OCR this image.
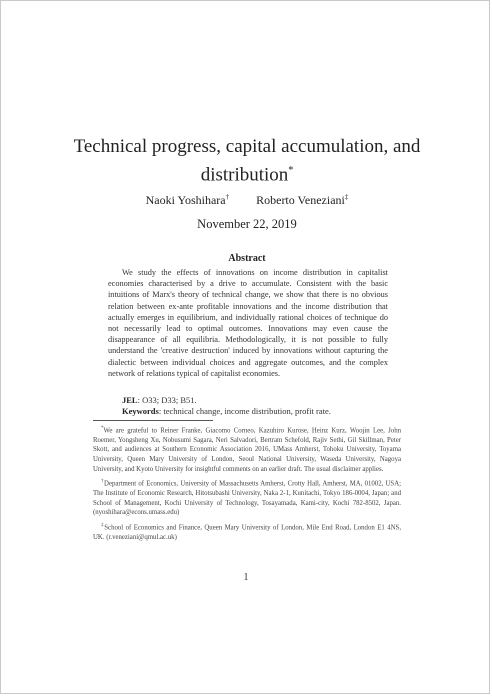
Technical progress, capital accumulation, and distribution*
Naoki Yoshihara† Roberto Veneziani‡
November 22, 2019
Abstract
We study the effects of innovations on income distribution in capitalist economies characterised by a drive to accumulate. Consistent with the basic intuitions of Marx's theory of technical change, we show that there is no obvious relation between ex-ante profitable innovations and the income distribution that actually emerges in equilibrium, and individually rational choices of technique do not necessarily lead to optimal outcomes. Innovations may even cause the disappearance of all equilibria. Methodologically, it is not possible to fully understand the 'creative destruction' induced by innovations without capturing the dialectic between individual choices and aggregate outcomes, and the complex network of relations typical of capitalist economies.
JEL: O33; D33; B51.
Keywords: technical change, income distribution, profit rate.

*We are grateful to Reiner Franke, Giacomo Corneo, Kazuhiro Kurose, Heinz Kurz, Woojin Lee, John Roemer, Yongsheng Xu, Nobusumi Sagara, Neri Salvadori, Bertram Schefold, Rajiv Sethi, Gil Skillman, Peter Skott, and audiences at Southern Economic Association 2016, UMass Amherst, Tohoku University, Toyama University, Queen Mary University of London, Seoul National University, Waseda University, Nagoya University, and Kyoto University for insightful comments on an earlier draft. The usual disclaimer applies.

†Department of Economics, University of Massachusetts Amherst, Crotty Hall, Amherst, MA, 01002, USA; The Institute of Economic Research, Hitotsubashi University, Naka 2-1, Kunitachi, Tokyo 186-0004, Japan; and School of Management, Kochi University of Technology, Tosayamada, Kami-city, Kochi 782-8502, Japan. (nyoshihara@econs.umass.edu)

‡School of Economics and Finance, Queen Mary University of London, Mile End Road, London E1 4NS, UK. (r.veneziani@qmul.ac.uk)

1
